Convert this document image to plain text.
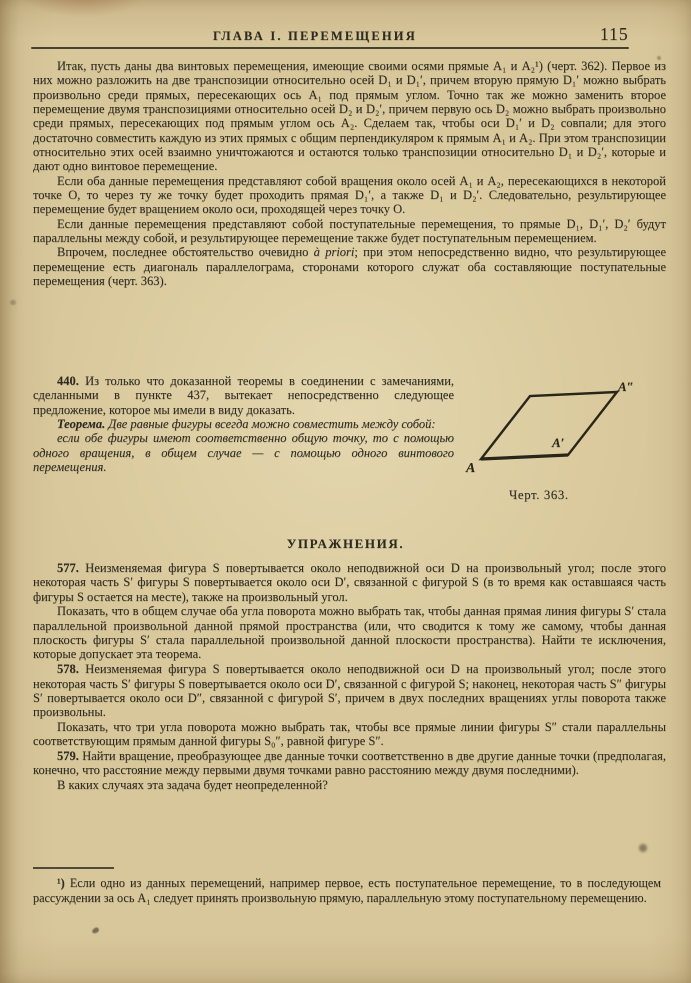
ГЛАВА I. ПЕРЕМЕЩЕНИЯ	115

Итак, пусть даны два винтовых перемещения, имеющие своими осями прямые A₁ и A₂¹) (черт. 362). Первое из них можно разложить на две транспозиции относительно осей D₁ и D₁′, причем вторую прямую D₁′ можно выбрать произвольно среди прямых, пересекающих ось A₁ под прямым углом. Точно так же можно заменить второе перемещение двумя транспозициями относительно осей D₂ и D₂′, причем первую ось D₂ можно выбрать произвольно среди прямых, пересекающих под прямым углом ось A₂. Сделаем так, чтобы оси D₁′ и D₂ совпали; для этого достаточно совместить каждую из этих прямых с общим перпендикуляром к прямым A₁ и A₂. При этом транспозиции относительно этих осей взаимно уничтожаются и остаются только транспозиции относительно D₁ и D₂′, которые и дают одно винтовое перемещение.

Если оба данные перемещения представляют собой вращения около осей A₁ и A₂, пересекающихся в некоторой точке O, то через ту же точку будет проходить прямая D₁′, а также D₁ и D₂′. Следовательно, результирующее перемещение будет вращением около оси, проходящей через точку O.

Если данные перемещения представляют собой поступательные перемещения, то прямые D₁, D₁′, D₂′ будут параллельны между собой, и результирующее перемещение также будет поступательным перемещением.

Впрочем, последнее обстоятельство очевидно à priori; при этом непосредственно видно, что результирующее перемещение есть диагональ параллелограма, сторонами которого служат оба составляющие поступательные перемещения (черт. 363).

440. Из только что доказанной теоремы в соединении с замечаниями, сделанными в пункте 437, вытекает непосредственно следующее предложение, которое мы имели в виду доказать.

Теорема. Две равные фигуры всегда можно совместить между собой:

если обе фигуры имеют соответственно общую точку, то с помощью одного вращения, в общем случае — с помощью одного винтового перемещения.	A
A′
A″
Черт. 363.
УПРАЖНЕНИЯ.

577. Неизменяемая фигура S повертывается около неподвижной оси D на произвольный угол; после этого некоторая часть S′ фигуры S повертывается около оси D′, связанной с фигурой S (в то время как оставшаяся часть фигуры S остается на месте), также на произвольный угол.

Показать, что в общем случае оба угла поворота можно выбрать так, чтобы данная прямая линия фигуры S′ стала параллельной произвольной данной прямой пространства (или, что сводится к тому же самому, чтобы данная плоскость фигуры S′ стала параллельной произвольной данной плоскости пространства). Найти те исключения, которые допускает эта теорема.

578. Неизменяемая фигура S повертывается около неподвижной оси D на произвольный угол; после этого некоторая часть S′ фигуры S повертывается около оси D′, связанной с фигурой S; наконец, некоторая часть S″ фигуры S′ повертывается около оси D″, связанной с фигурой S′, причем в двух последних вращениях углы поворота также произвольны.

Показать, что три угла поворота можно выбрать так, чтобы все прямые линии фигуры S″ стали параллельны соответствующим прямым данной фигуры S₀″, равной фигуре S″.

579. Найти вращение, преобразующее две данные точки соответственно в две другие данные точки (предполагая, конечно, что расстояние между первыми двумя точками равно расстоянию между двумя последними).

В каких случаях эта задача будет неопределенной?

¹) Если одно из данных перемещений, например первое, есть поступательное перемещение, то в последующем рассуждении за ось A₁ следует принять произвольную прямую, параллельную этому поступательному перемещению.
